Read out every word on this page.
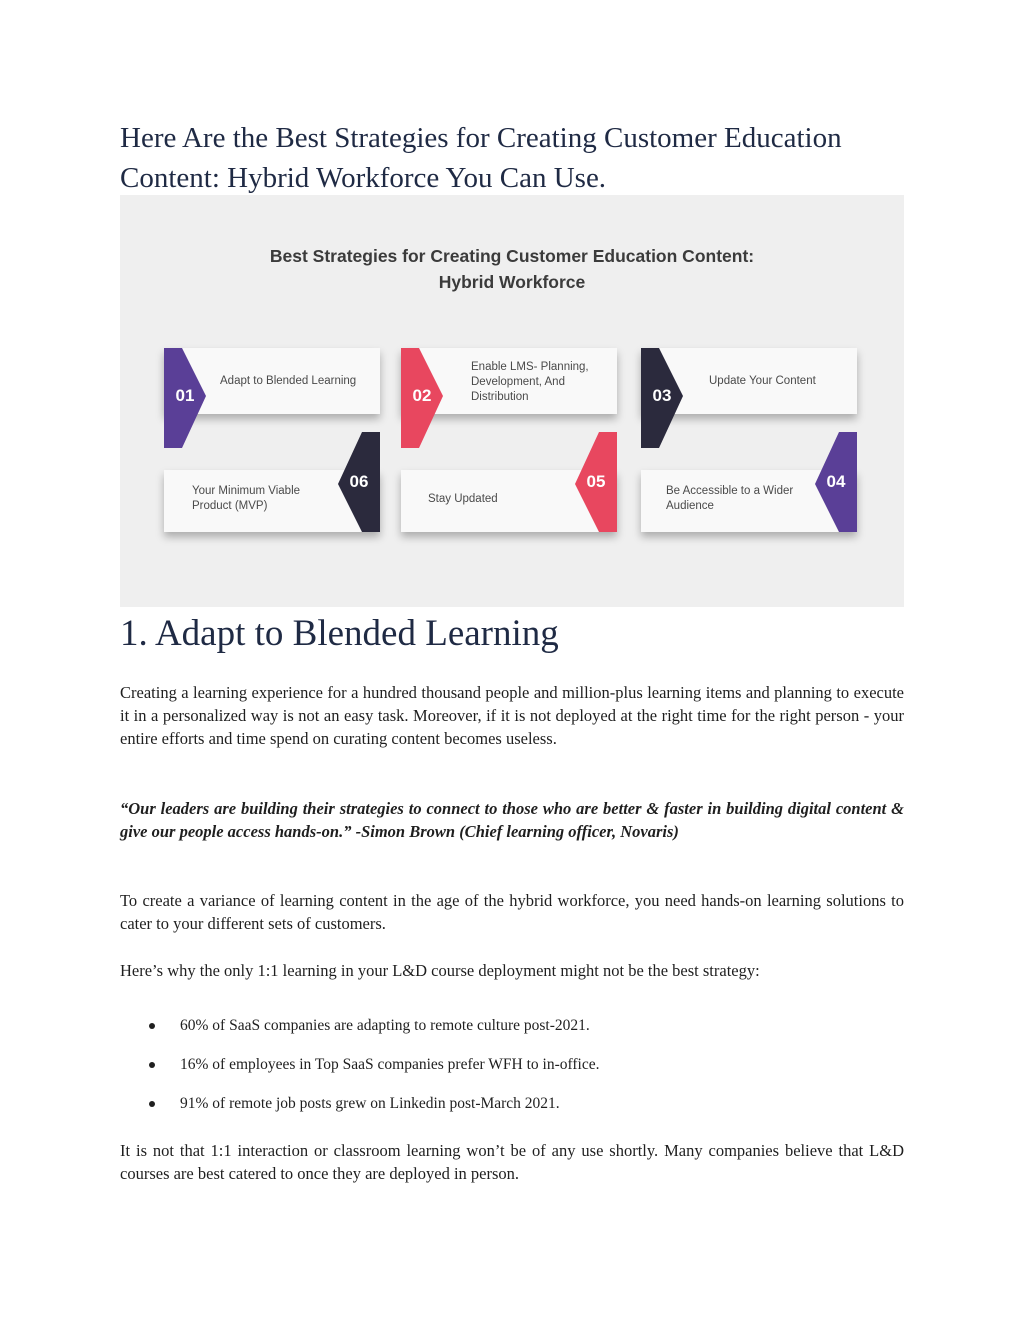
Here Are the Best Strategies for Creating Customer Education Content: Hybrid Workforce You Can Use.
Best Strategies for Creating Customer Education Content:
Hybrid Workforce
Adapt to Blended Learning
01
Enable LMS- Planning,
Development, And
Distribution
02
Update Your Content
03
Your Minimum Viable
Product (MVP)
06
Stay Updated
05	Be Accessible to a Wider
Audience
04
1. Adapt to Blended Learning

Creating a learning experience for a hundred thousand people and million-plus learning items and planning to execute it in a personalized way is not an easy task. Moreover, if it is not deployed at the right time for the right person - your entire efforts and time spend on curating content becomes useless.

“Our leaders are building their strategies to connect to those who are better & faster in building digital content & give our people access hands-on.” -Simon Brown (Chief learning officer, Novaris)

To create a variance of learning content in the age of the hybrid workforce, you need hands-on learning solutions to cater to your different sets of customers.

Here’s why the only 1:1 learning in your L&D course deployment might not be the best strategy:

60% of SaaS companies are adapting to remote culture post-2021.
16% of employees in Top SaaS companies prefer WFH to in-office.
91% of remote job posts grew on Linkedin post-March 2021.

It is not that 1:1 interaction or classroom learning won’t be of any use shortly. Many companies believe that L&D courses are best catered to once they are deployed in person.
